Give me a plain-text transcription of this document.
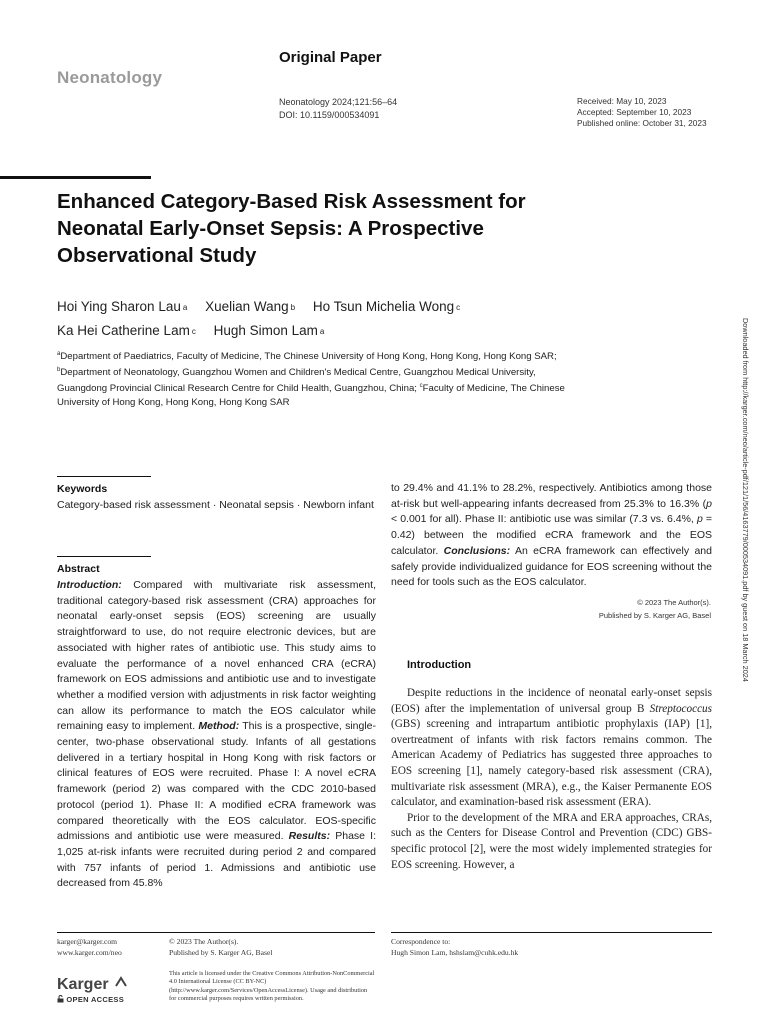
Original Paper
Neonatology
Neonatology 2024;121:56–64
DOI: 10.1159/000534091
Received: May 10, 2023
Accepted: September 10, 2023
Published online: October 31, 2023
Enhanced Category-Based Risk Assessment for Neonatal Early-Onset Sepsis: A Prospective Observational Study
Hoi Ying Sharon Lau $^a$ Xuelian Wang $^b$ Ho Tsun Michelia Wong $^c$
Ka Hei Catherine Lam $^c$ Hugh Simon Lam $^a$
$^a$Department of Paediatrics, Faculty of Medicine, The Chinese University of Hong Kong, Hong Kong, Hong Kong SAR; $^b$Department of Neonatology, Guangzhou Women and Children's Medical Centre, Guangzhou Medical University, Guangdong Provincial Clinical Research Centre for Child Health, Guangzhou, China; $^c$Faculty of Medicine, The Chinese University of Hong Kong, Hong Kong, Hong Kong SAR	Downloaded from http://karger.com/neo/article-pdf/121/1/56/4163779/000534091.pdf by guest on 18 March 2024
Keywords
Category-based risk assessment · Neonatal sepsis · Newborn infant
Abstract
Introduction: Compared with multivariate risk assessment, traditional category-based risk assessment (CRA) approaches for neonatal early-onset sepsis (EOS) screening are usually straightforward to use, do not require electronic devices, but are associated with higher rates of antibiotic use. This study aims to evaluate the performance of a novel enhanced CRA (eCRA) framework on EOS admissions and antibiotic use and to investigate whether a modified version with adjustments in risk factor weighting can allow its performance to match the EOS calculator while remaining easy to implement. Method: This is a prospective, single-center, two-phase observational study. Infants of all gestations delivered in a tertiary hospital in Hong Kong with risk factors or clinical features of EOS were recruited. Phase I: A novel eCRA framework (period 2) was compared with the CDC 2010-based protocol (period 1). Phase II: A modified eCRA framework was compared theoretically with the EOS calculator. EOS-specific admissions and antibiotic use were measured. Results: Phase I: 1,025 at-risk infants were recruited during period 2 and compared with 757 infants of period 1. Admissions and antibiotic use decreased from 45.8%
to 29.4% and 41.1% to 28.2%, respectively. Antibiotics among those at-risk but well-appearing infants decreased from 25.3% to 16.3% (p < 0.001 for all). Phase II: antibiotic use was similar (7.3 vs. 6.4%, p = 0.42) between the modified eCRA framework and the EOS calculator. Conclusions: An eCRA framework can effectively and safely provide individualized guidance for EOS screening without the need for tools such as the EOS calculator.
© 2023 The Author(s).
Published by S. Karger AG, Basel
Introduction

Despite reductions in the incidence of neonatal early-onset sepsis (EOS) after the implementation of universal group B Streptococcus (GBS) screening and intrapartum antibiotic prophylaxis (IAP) [1], overtreatment of infants with risk factors remains common. The American Academy of Pediatrics has suggested three approaches to EOS screening [1], namely category-based risk assessment (CRA), multivariate risk assessment (MRA), e.g., the Kaiser Permanente EOS calculator, and examination-based risk assessment (ERA).

Prior to the development of the MRA and ERA approaches, CRAs, such as the Centers for Disease Control and Prevention (CDC) GBS-specific protocol [2], were the most widely implemented strategies for EOS screening. However, a

karger@karger.com
www.karger.com/neo
© 2023 The Author(s).
Published by S. Karger AG, Basel
This article is licensed under the Creative Commons Attribution-NonCommercial 4.0 International License (CC BY-NC) (http://www.karger.com/Services/OpenAccessLicense). Usage and distribution for commercial purposes requires written permission.
Correspondence to:
Hugh Simon Lam, hshslam@cuhk.edu.hk
Karger
OPEN ACCESS
